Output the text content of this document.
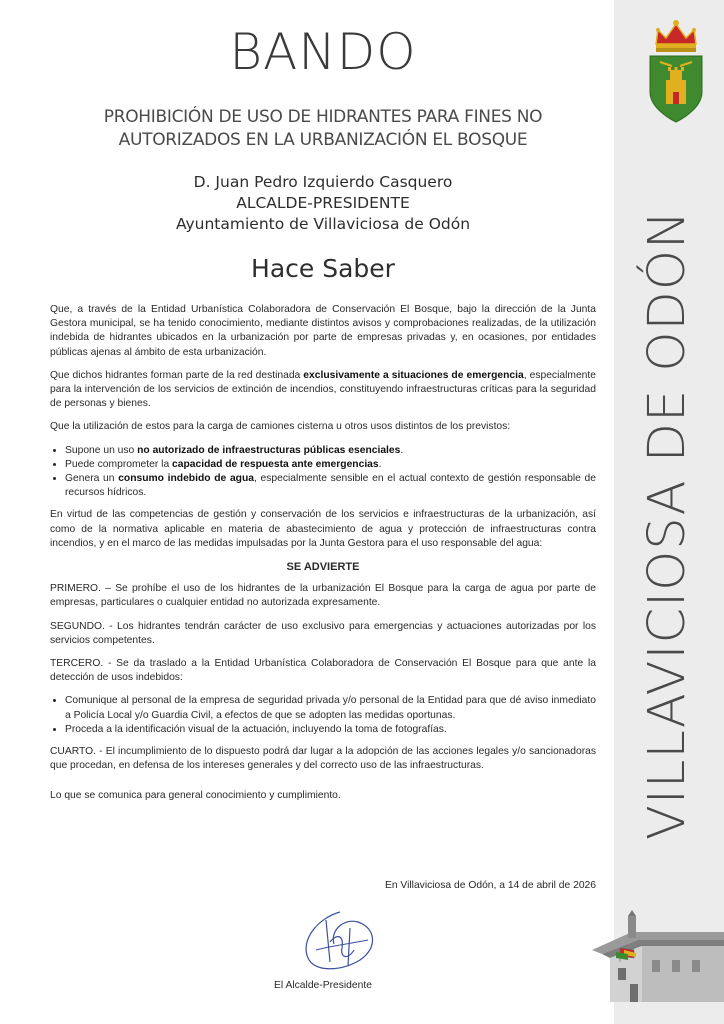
BANDO
PROHIBICIÓN DE USO DE HIDRANTES PARA FINES NO
AUTORIZADOS EN LA URBANIZACIÓN EL BOSQUE
D. Juan Pedro Izquierdo Casquero
ALCALDE-PRESIDENTE
Ayuntamiento de Villaviciosa de Odón
Hace Saber

Que, a través de la Entidad Urbanística Colaboradora de Conservación El Bosque, bajo la dirección de la Junta Gestora municipal, se ha tenido conocimiento, mediante distintos avisos y comprobaciones realizadas, de la utilización indebida de hidrantes ubicados en la urbanización por parte de empresas privadas y, en ocasiones, por entidades públicas ajenas al ámbito de esta urbanización.

Que dichos hidrantes forman parte de la red destinada exclusivamente a situaciones de emergencia, especialmente para la intervención de los servicios de extinción de incendios, constituyendo infraestructuras críticas para la seguridad de personas y bienes.

Que la utilización de estos para la carga de camiones cisterna u otros usos distintos de los previstos:

• Supone un uso no autorizado de infraestructuras públicas esenciales.
• Puede comprometer la capacidad de respuesta ante emergencias.
• Genera un consumo indebido de agua, especialmente sensible en el actual contexto de gestión responsable de recursos hídricos.

En virtud de las competencias de gestión y conservación de los servicios e infraestructuras de la urbanización, así como de la normativa aplicable en materia de abastecimiento de agua y protección de infraestructuras contra incendios, y en el marco de las medidas impulsadas por la Junta Gestora para el uso responsable del agua:

SE ADVIERTE

PRIMERO. – Se prohíbe el uso de los hidrantes de la urbanización El Bosque para la carga de agua por parte de empresas, particulares o cualquier entidad no autorizada expresamente.

SEGUNDO. - Los hidrantes tendrán carácter de uso exclusivo para emergencias y actuaciones autorizadas por los servicios competentes.

TERCERO. - Se da traslado a la Entidad Urbanística Colaboradora de Conservación El Bosque para que ante la detección de usos indebidos:

• Comunique al personal de la empresa de seguridad privada y/o personal de la Entidad para que dé aviso inmediato a Policía Local y/o Guardia Civil, a efectos de que se adopten las medidas oportunas.
• Proceda a la identificación visual de la actuación, incluyendo la toma de fotografías.

CUARTO. - El incumplimiento de lo dispuesto podrá dar lugar a la adopción de las acciones legales y/o sancionadoras que procedan, en defensa de los intereses generales y del correcto uso de las infraestructuras.

Lo que se comunica para general conocimiento y cumplimiento.

En Villaviciosa de Odón, a 14 de abril de 2026
El Alcalde-Presidente
VILLAVICIOSA DE ODÓN
